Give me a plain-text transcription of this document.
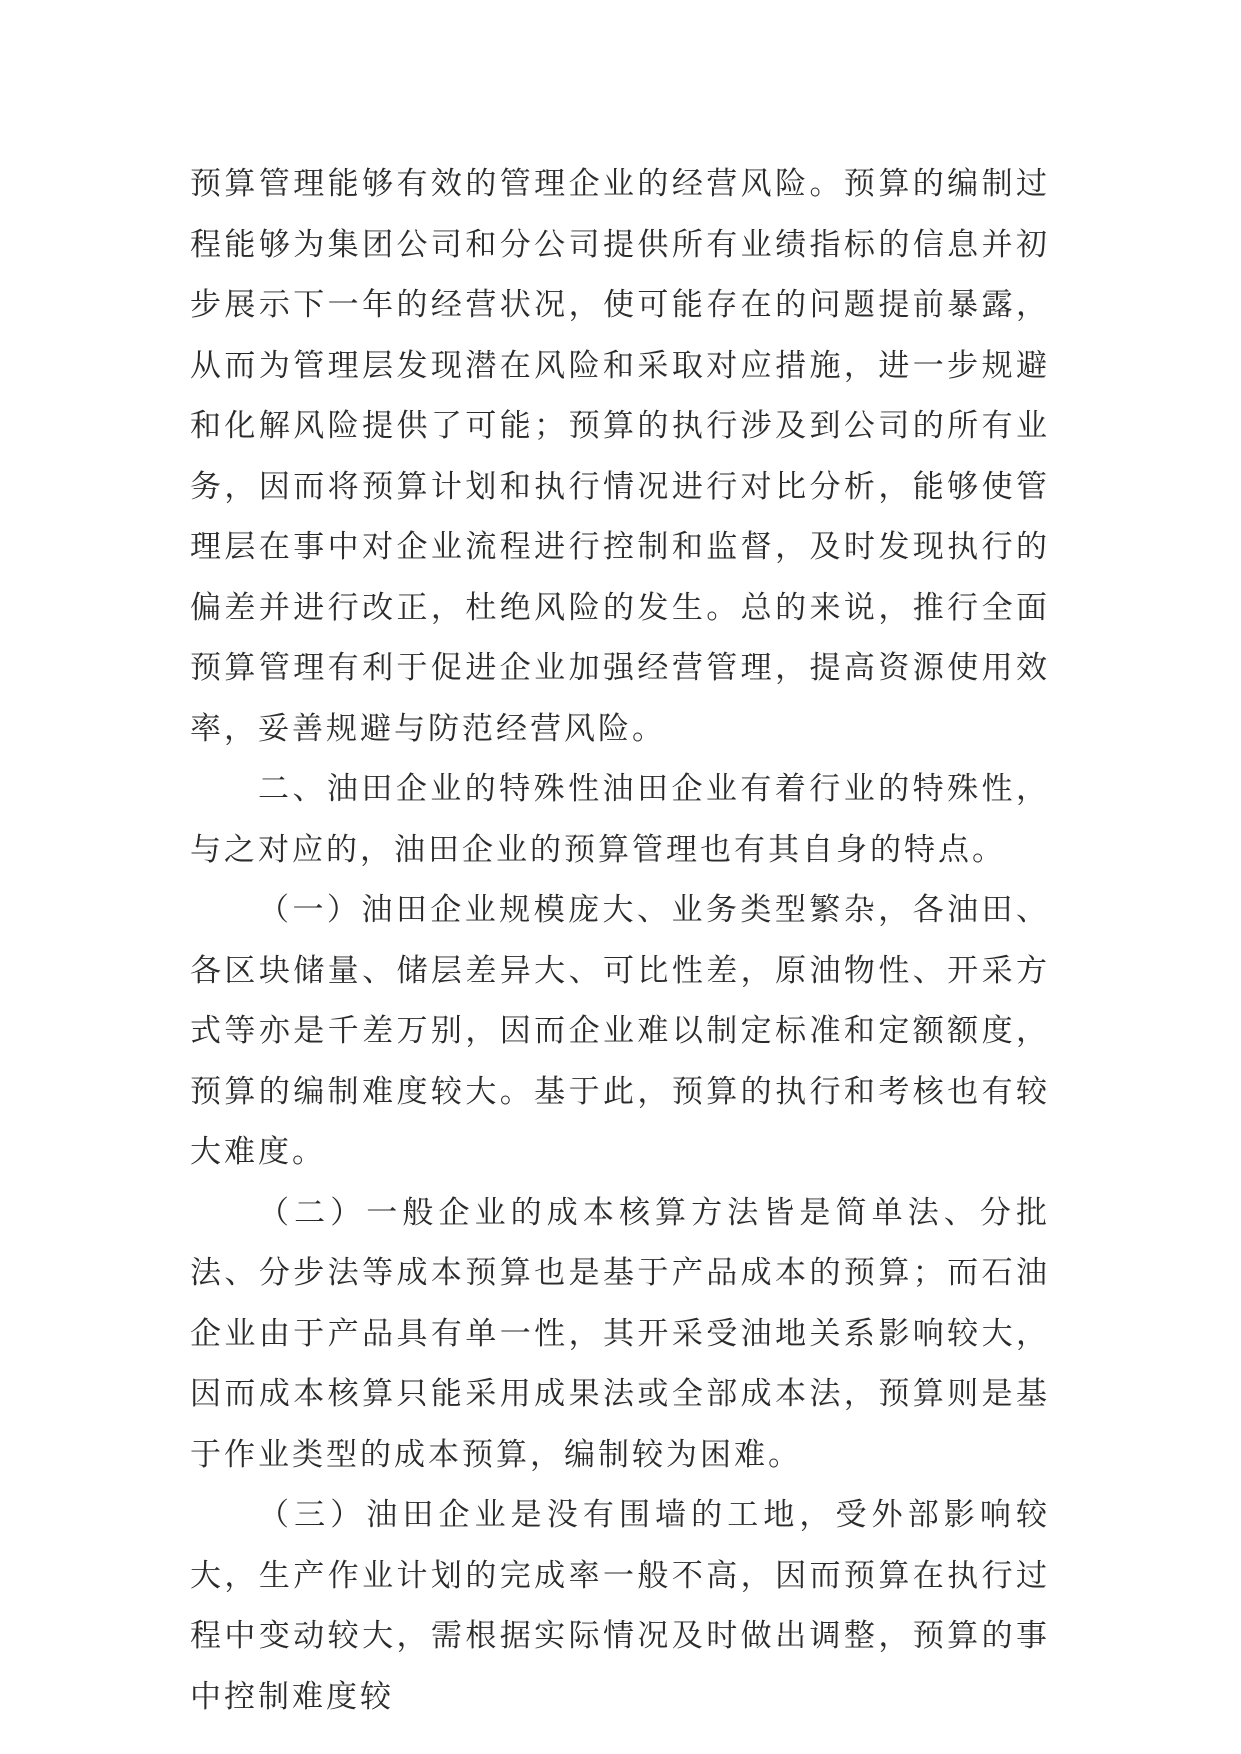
预算管理能够有效的管理企业的经营风险。预算的编制过程能够为集团公司和分公司提供所有业绩指标的信息并初步展示下一年的经营状况，使可能存在的问题提前暴露，从而为管理层发现潜在风险和采取对应措施，进一步规避和化解风险提供了可能；预算的执行涉及到公司的所有业务，因而将预算计划和执行情况进行对比分析，能够使管理层在事中对企业流程进行控制和监督，及时发现执行的偏差并进行改正，杜绝风险的发生。总的来说，推行全面预算管理有利于促进企业加强经营管理，提高资源使用效率，妥善规避与防范经营风险。

二、油田企业的特殊性油田企业有着行业的特殊性，与之对应的，油田企业的预算管理也有其自身的特点。

（一）油田企业规模庞大、业务类型繁杂，各油田、各区块储量、储层差异大、可比性差，原油物性、开采方式等亦是千差万别，因而企业难以制定标准和定额额度，预算的编制难度较大。基于此，预算的执行和考核也有较大难度。

（二）一般企业的成本核算方法皆是简单法、分批法、分步法等成本预算也是基于产品成本的预算；而石油企业由于产品具有单一性，其开采受油地关系影响较大，因而成本核算只能采用成果法或全部成本法，预算则是基于作业类型的成本预算，编制较为困难。

（三）油田企业是没有围墙的工地，受外部影响较大，生产作业计划的完成率一般不高，因而预算在执行过程中变动较大，需根据实际情况及时做出调整，预算的事中控制难度较
